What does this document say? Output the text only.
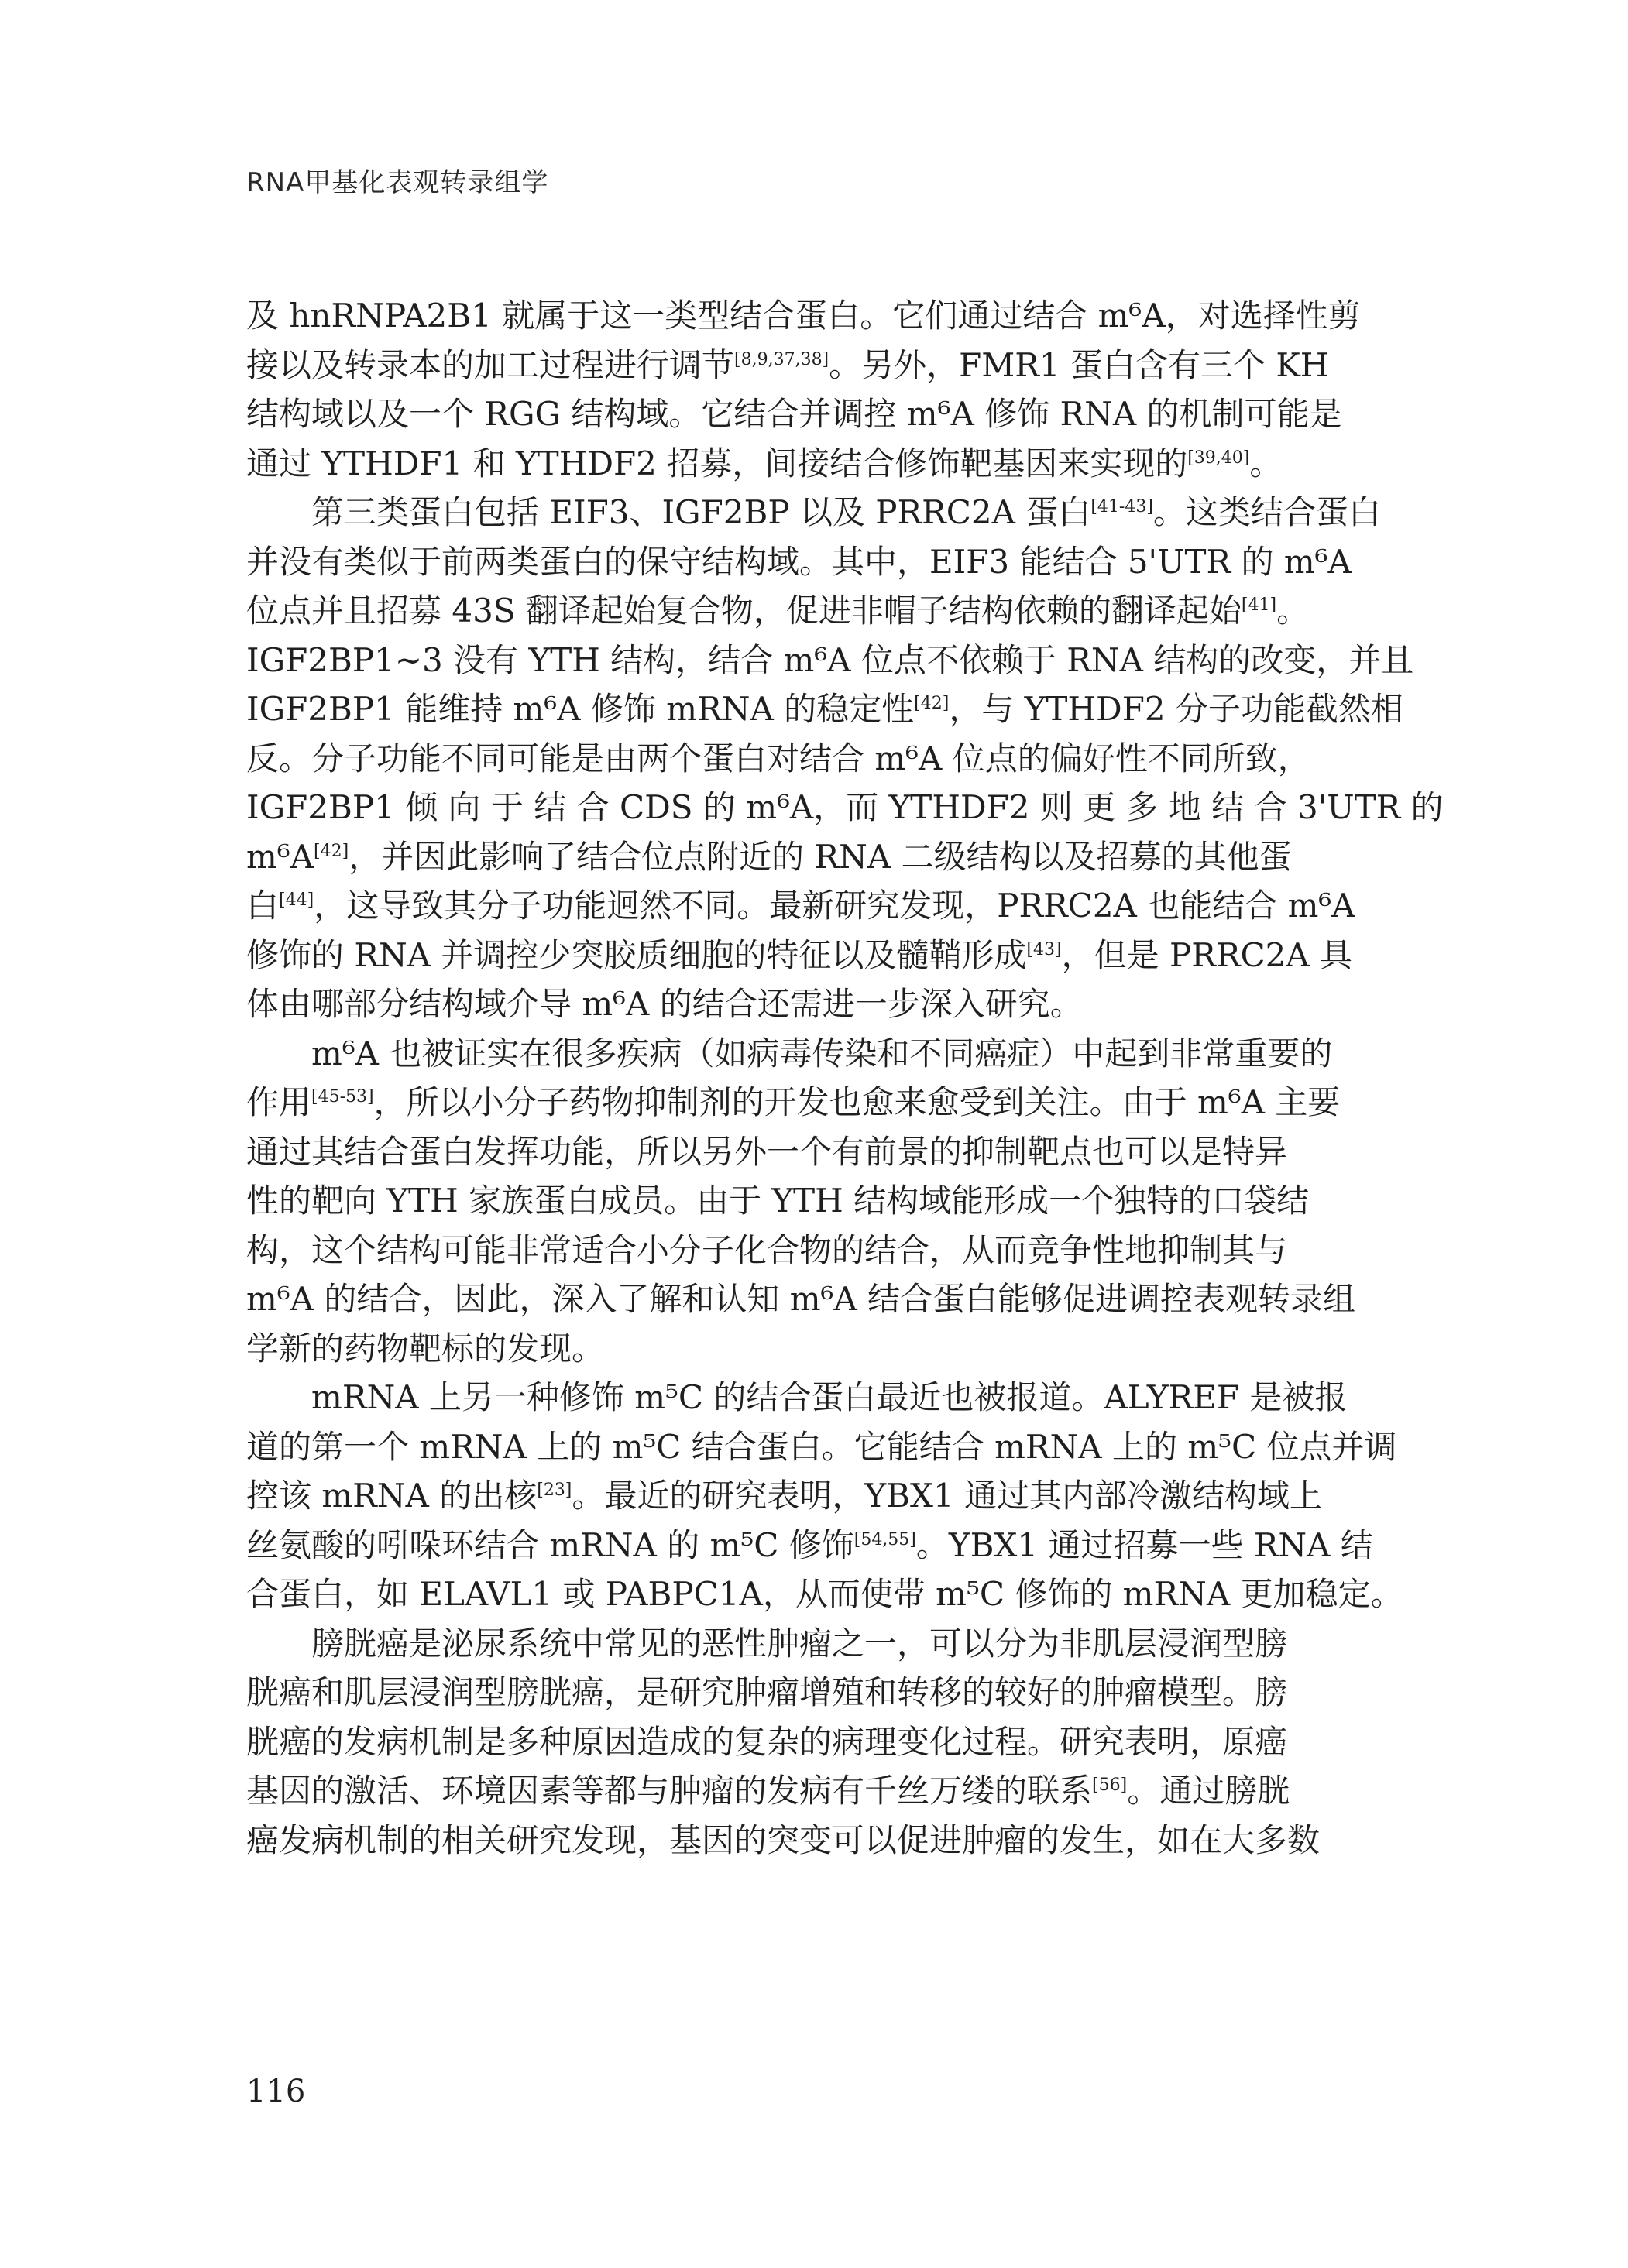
RNA甲基化表观转录组学
及 hnRNPA2B1 就属于这一类型结合蛋白。它们通过结合 m⁶A，对选择性剪
接以及转录本的加工过程进行调节[8,9,37,38]。另外，FMR1 蛋白含有三个 KH
结构域以及一个 RGG 结构域。它结合并调控 m⁶A 修饰 RNA 的机制可能是
通过 YTHDF1 和 YTHDF2 招募，间接结合修饰靶基因来实现的[39,40]。
第三类蛋白包括 EIF3、IGF2BP 以及 PRRC2A 蛋白[41-43]。这类结合蛋白
并没有类似于前两类蛋白的保守结构域。其中，EIF3 能结合 5'UTR 的 m⁶A
位点并且招募 43S 翻译起始复合物，促进非帽子结构依赖的翻译起始[41]。
IGF2BP1~3 没有 YTH 结构，结合 m⁶A 位点不依赖于 RNA 结构的改变，并且
IGF2BP1 能维持 m⁶A 修饰 mRNA 的稳定性[42]，与 YTHDF2 分子功能截然相
反。分子功能不同可能是由两个蛋白对结合 m⁶A 位点的偏好性不同所致，
IGF2BP1 倾 向 于 结 合 CDS 的 m⁶A，而 YTHDF2 则 更 多 地 结 合 3'UTR 的
m⁶A[42]，并因此影响了结合位点附近的 RNA 二级结构以及招募的其他蛋
白[44]，这导致其分子功能迥然不同。最新研究发现，PRRC2A 也能结合 m⁶A
修饰的 RNA 并调控少突胶质细胞的特征以及髓鞘形成[43]，但是 PRRC2A 具
体由哪部分结构域介导 m⁶A 的结合还需进一步深入研究。
m⁶A 也被证实在很多疾病（如病毒传染和不同癌症）中起到非常重要的
作用[45-53]，所以小分子药物抑制剂的开发也愈来愈受到关注。由于 m⁶A 主要
通过其结合蛋白发挥功能，所以另外一个有前景的抑制靶点也可以是特异
性的靶向 YTH 家族蛋白成员。由于 YTH 结构域能形成一个独特的口袋结
构，这个结构可能非常适合小分子化合物的结合，从而竞争性地抑制其与
m⁶A 的结合，因此，深入了解和认知 m⁶A 结合蛋白能够促进调控表观转录组
学新的药物靶标的发现。
mRNA 上另一种修饰 m⁵C 的结合蛋白最近也被报道。ALYREF 是被报
道的第一个 mRNA 上的 m⁵C 结合蛋白。它能结合 mRNA 上的 m⁵C 位点并调
控该 mRNA 的出核[23]。最近的研究表明，YBX1 通过其内部冷激结构域上
丝氨酸的吲哚环结合 mRNA 的 m⁵C 修饰[54,55]。YBX1 通过招募一些 RNA 结
合蛋白，如 ELAVL1 或 PABPC1A，从而使带 m⁵C 修饰的 mRNA 更加稳定。
膀胱癌是泌尿系统中常见的恶性肿瘤之一，可以分为非肌层浸润型膀
胱癌和肌层浸润型膀胱癌，是研究肿瘤增殖和转移的较好的肿瘤模型。膀
胱癌的发病机制是多种原因造成的复杂的病理变化过程。研究表明，原癌
基因的激活、环境因素等都与肿瘤的发病有千丝万缕的联系[56]。通过膀胱
癌发病机制的相关研究发现，基因的突变可以促进肿瘤的发生，如在大多数
116
